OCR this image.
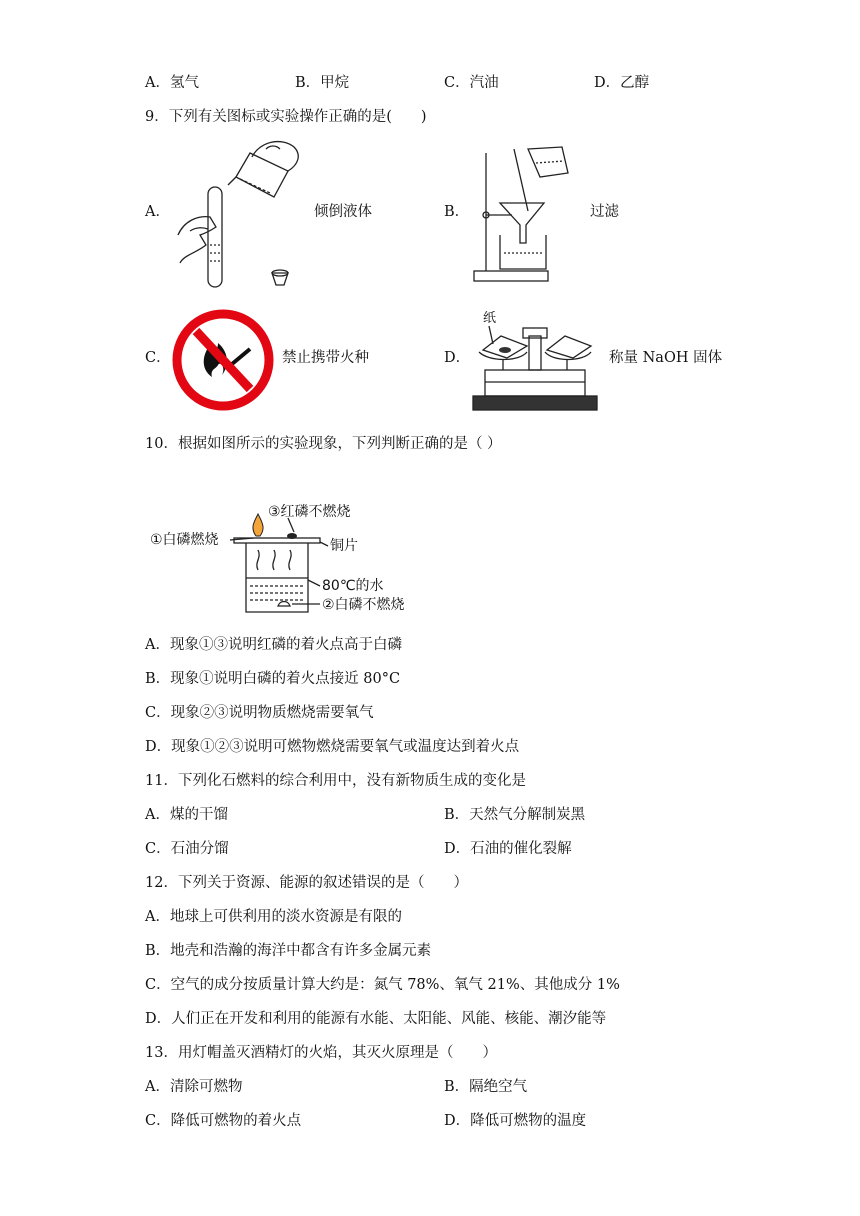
A．氢气	B．甲烷	C．汽油	D．乙醇
9．下列有关图标或实验操作正确的是(　　)
A．	倾倒液体	B．	过滤
C．	禁止携带火种	D．
纸
称量 NaOH 固体
10．根据如图所示的实验现象，下列判断正确的是（ ）
①白磷燃烧
③红磷不燃烧
铜片
80℃的水
②白磷不燃烧
A．现象①③说明红磷的着火点高于白磷
B．现象①说明白磷的着火点接近 80°C
C．现象②③说明物质燃烧需要氧气
D．现象①②③说明可燃物燃烧需要氧气或温度达到着火点
11．下列化石燃料的综合利用中，没有新物质生成的变化是
A．煤的干馏	B．天然气分解制炭黑
C．石油分馏	D．石油的催化裂解
12．下列关于资源、能源的叙述错误的是（　　）
A．地球上可供利用的淡水资源是有限的
B．地壳和浩瀚的海洋中都含有许多金属元素
C．空气的成分按质量计算大约是：氮气 78%、氧气 21%、其他成分 1%
D．人们正在开发和利用的能源有水能、太阳能、风能、核能、潮汐能等
13．用灯帽盖灭酒精灯的火焰，其灭火原理是（　　）
A．清除可燃物	B．隔绝空气
C．降低可燃物的着火点	D．降低可燃物的温度
